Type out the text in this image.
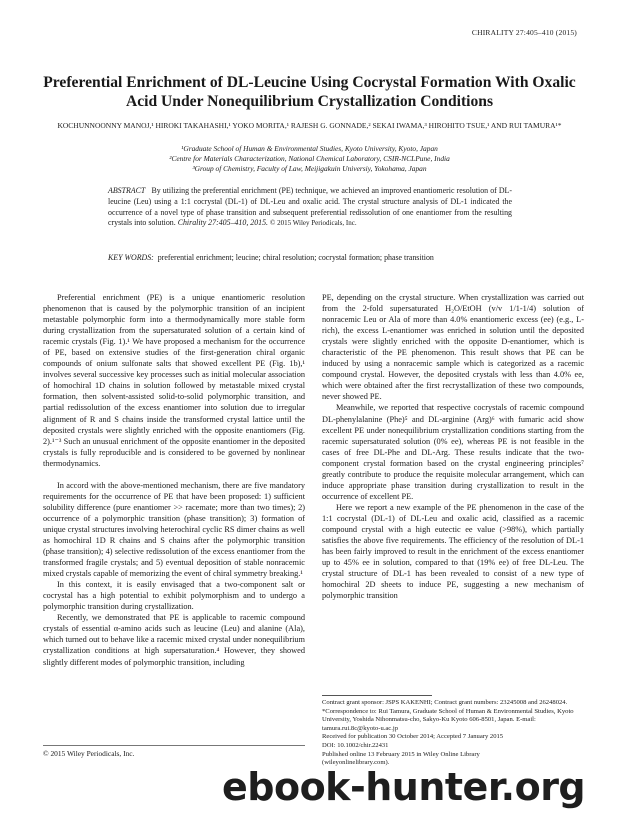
CHIRALITY 27:405–410 (2015)
Preferential Enrichment of DL-Leucine Using Cocrystal Formation With Oxalic Acid Under Nonequilibrium Crystallization Conditions
KOCHUNNOONNY MANOJ,¹ HIROKI TAKAHASHI,¹ YOKO MORITA,¹ RAJESH G. GONNADE,² SEKAI IWAMA,³ HIROHITO TSUE,¹ AND RUI TAMURA¹*
¹Graduate School of Human & Environmental Studies, Kyoto University, Kyoto, Japan
²Centre for Materials Characterization, National Chemical Laboratory, CSIR-NCLPune, India
³Group of Chemistry, Faculty of Law, Meijigakuin Universiy, Yokohama, Japan
ABSTRACT By utilizing the preferential enrichment (PE) technique, we achieved an improved enantiomeric resolution of DL-leucine (Leu) using a 1:1 cocrystal (DL-1) of DL-Leu and oxalic acid. The crystal structure analysis of DL-1 indicated the occurrence of a novel type of phase transition and subsequent preferential redissolution of one enantiomer from the resulting crystals into solution. Chirality 27:405–410, 2015. © 2015 Wiley Periodicals, Inc.
KEY WORDS: preferential enrichment; leucine; chiral resolution; cocrystal formation; phase transition

Preferential enrichment (PE) is a unique enantiomeric resolution phenomenon that is caused by the polymorphic transition of an incipient metastable polymorphic form into a thermodynamically more stable form during crystallization from the supersaturated solution of a certain kind of racemic crystals (Fig. 1).¹ We have proposed a mechanism for the occurrence of PE, based on extensive studies of the first-generation chiral organic compounds of onium sulfonate salts that showed excellent PE (Fig. 1b),¹ involves several successive key processes such as initial molecular association of homochiral 1D chains in solution followed by metastable mixed crystal formation, then solvent-assisted solid-to-solid polymorphic transition, and partial redissolution of the excess enantiomer into solution due to irregular alignment of R and S chains inside the transformed crystal lattice until the deposited crystals were slightly enriched with the opposite enantiomers (Fig. 2).¹⁻³ Such an unusual enrichment of the opposite enantiomer in the deposited crystals is fully reproducible and is considered to be governed by nonlinear thermodynamics.

In accord with the above-mentioned mechanism, there are five mandatory requirements for the occurrence of PE that have been proposed: 1) sufficient solubility difference (pure enantiomer >> racemate; more than two times); 2) occurrence of a polymorphic transition (phase transition); 3) formation of unique crystal structures involving heterochiral cyclic RS dimer chains as well as homochiral 1D R chains and S chains after the polymorphic transition (phase transition); 4) selective redissolution of the excess enantiomer from the transformed fragile crystals; and 5) eventual deposition of stable nonracemic mixed crystals capable of memorizing the event of chiral symmetry breaking.¹

In this context, it is easily envisaged that a two-component salt or cocrystal has a high potential to exhibit polymorphism and to undergo a polymorphic transition during crystallization.

Recently, we demonstrated that PE is applicable to racemic compound crystals of essential α-amino acids such as leucine (Leu) and alanine (Ala), which turned out to behave like a racemic mixed crystal under nonequilibrium crystallization conditions at high supersaturation.⁴ However, they showed slightly different modes of polymorphic transition, including

PE, depending on the crystal structure. When crystallization was carried out from the 2-fold supersaturated H₂O/EtOH (v/v 1/1-1/4) solution of nonracemic Leu or Ala of more than 4.0% enantiomeric excess (ee) (e.g., L-rich), the excess L-enantiomer was enriched in solution until the deposited crystals were slightly enriched with the opposite D-enantiomer, which is characteristic of the PE phenomenon. This result shows that PE can be induced by using a nonracemic sample which is categorized as a racemic compound crystal. However, the deposited crystals with less than 4.0% ee, which were obtained after the first recrystallization of these two compounds, never showed PE.

Meanwhile, we reported that respective cocrystals of racemic compound DL-phenylalanine (Phe)⁵ and DL-arginine (Arg)⁶ with fumaric acid show excellent PE under nonequilibrium crystallization conditions starting from the racemic supersaturated solution (0% ee), whereas PE is not feasible in the cases of free DL-Phe and DL-Arg. These results indicate that the two-component crystal formation based on the crystal engineering principles⁷ greatly contribute to produce the requisite molecular arrangement, which can induce appropriate phase transition during crystallization to result in the occurrence of excellent PE.

Here we report a new example of the PE phenomenon in the case of the 1:1 cocrystal (DL-1) of DL-Leu and oxalic acid, classified as a racemic compound crystal with a high eutectic ee value (>98%), which partially satisfies the above five requirements. The efficiency of the resolution of DL-1 has been fairly improved to result in the enrichment of the excess enantiomer up to 45% ee in solution, compared to that (19% ee) of free DL-Leu. The crystal structure of DL-1 has been revealed to consist of a new type of homochiral 2D sheets to induce PE, suggesting a new mechanism of polymorphic transition

Contract grant sponsor: JSPS KAKENHI; Contract grant numbers: 23245008 and 26248024.
*Correspondence to: Rui Tamura, Graduate School of Human & Environmental Studies, Kyoto University, Yoshida Nihonmatsu-cho, Sakyo-Ku Kyoto 606-8501, Japan. E-mail: tamura.rui.8c@kyoto-u.ac.jp
Received for publication 30 October 2014; Accepted 7 January 2015
DOI: 10.1002/chir.22431
Published online 13 February 2015 in Wiley Online Library
(wileyonlinelibrary.com).
© 2015 Wiley Periodicals, Inc.
ebook-hunter.org
